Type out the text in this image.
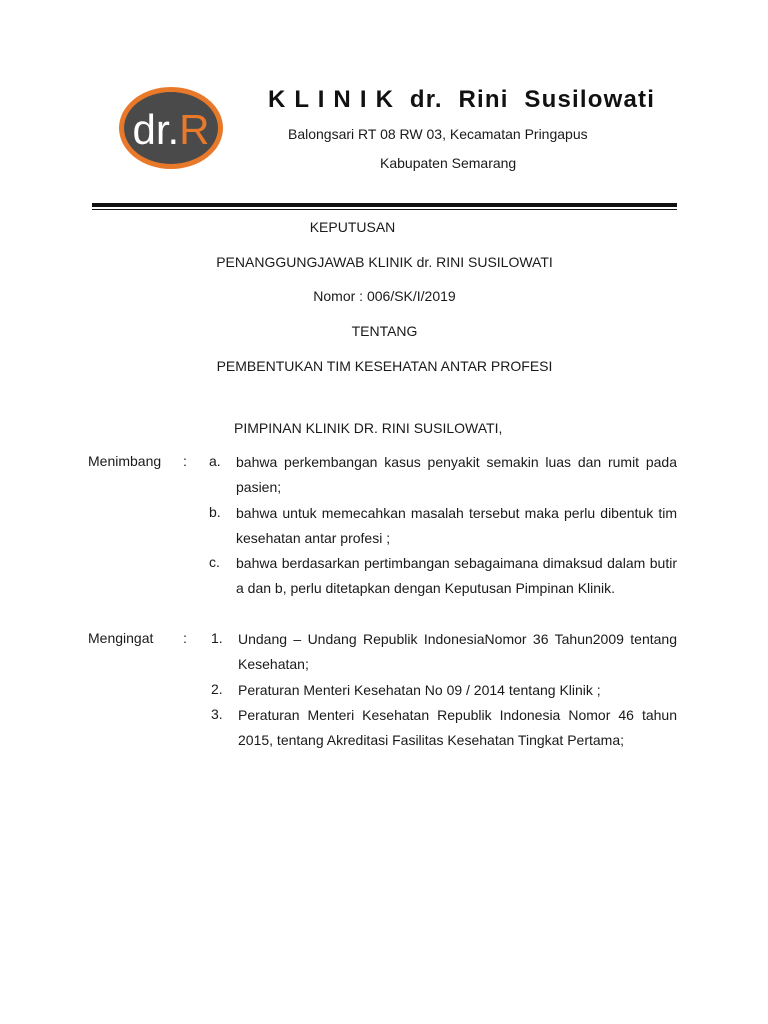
dr.R
K L I N I K  dr.  Rini  Susilowati
Balongsari RT 08 RW 03, Kecamatan Pringapus
Kabupaten Semarang
KEPUTUSAN
PENANGGUNGJAWAB KLINIK dr. RINI SUSILOWATI
Nomor : 006/SK/I/2019
TENTANG
PEMBENTUKAN TIM KESEHATAN ANTAR PROFESI
PIMPINAN KLINIK DR. RINI SUSILOWATI,
Menimbang : a. bahwa perkembangan kasus penyakit semakin luas dan rumit pada pasien;

b. bahwa untuk memecahkan masalah tersebut maka perlu dibentuk tim kesehatan antar profesi ;

c. bahwa berdasarkan pertimbangan sebagaimana dimaksud dalam butir a dan b, perlu ditetapkan dengan Keputusan Pimpinan Klinik.

Mengingat : 1. Undang – Undang Republik IndonesiaNomor 36 Tahun2009 tentang Kesehatan;

2. Peraturan Menteri Kesehatan No 09 / 2014 tentang Klinik ;

3. Peraturan Menteri Kesehatan Republik Indonesia Nomor 46 tahun 2015, tentang Akreditasi Fasilitas Kesehatan Tingkat Pertama;
